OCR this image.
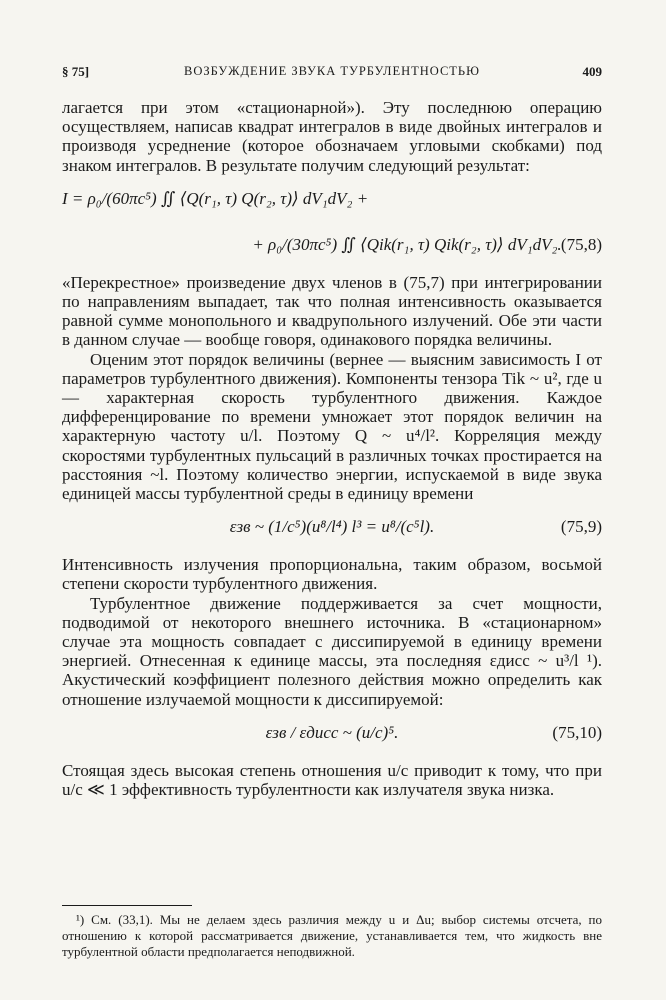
§ 75]	ВОЗБУЖДЕНИЕ ЗВУКА ТУРБУЛЕНТНОСТЬЮ	409

лагается при этом «стационарной»). Эту последнюю операцию осуществляем, написав квадрат интегралов в виде двойных интегралов и производя усреднение (которое обозначаем угловыми скобками) под знаком интегралов. В результате получим следующий результат:

I = ρ₀/(60πc⁵) ∬ ⟨Q(r₁, τ) Q(r₂, τ)⟩ dV₁dV₂ +
+ ρ₀/(30πc⁵) ∬ ⟨Qik(r₁, τ) Qik(r₂, τ)⟩ dV₁dV₂. (75,8)

«Перекрестное» произведение двух членов в (75,7) при интегрировании по направлениям выпадает, так что полная интенсивность оказывается равной сумме монопольного и квадрупольного излучений. Обе эти части в данном случае — вообще говоря, одинакового порядка величины.

Оценим этот порядок величины (вернее — выясним зависимость I от параметров турбулентного движения). Компоненты тензора Tik ~ u², где u — характерная скорость турбулентного движения. Каждое дифференцирование по времени умножает этот порядок величин на характерную частоту u/l. Поэтому Q ~ u⁴/l². Корреляция между скоростями турбулентных пульсаций в различных точках простирается на расстояния ~l. Поэтому количество энергии, испускаемой в виде звука единицей массы турбулентной среды в единицу времени

εзв ~ (1/c⁵)(u⁸/l⁴) l³ = u⁸/(c⁵l).	(75,9)

Интенсивность излучения пропорциональна, таким образом, восьмой степени скорости турбулентного движения.

Турбулентное движение поддерживается за счет мощности, подводимой от некоторого внешнего источника. В «стационарном» случае эта мощность совпадает с диссипируемой в единицу времени энергией. Отнесенная к единице массы, эта последняя εдисс ~ u³/l ¹). Акустический коэффициент полезного действия можно определить как отношение излучаемой мощности к диссипируемой:

εзв / εдисс ~ (u/c)⁵.	(75,10)

Стоящая здесь высокая степень отношения u/c приводит к тому, что при u/c ≪ 1 эффективность турбулентности как излучателя звука низка.

¹) См. (33,1). Мы не делаем здесь различия между u и Δu; выбор системы отсчета, по отношению к которой рассматривается движение, устанавливается тем, что жидкость вне турбулентной области предполагается неподвижной.
